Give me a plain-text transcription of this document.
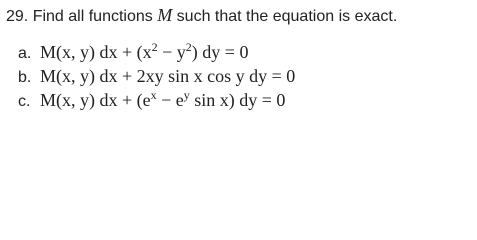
29. Find all functions M such that the equation is exact.
a. M(x, y) dx + $(x^2 - y^2)$ dy = 0
b. M(x, y) dx + 2xy sin x cos y dy = 0
c. M(x, y) dx + ($e^x - e^y$ sin x) dy = 0
